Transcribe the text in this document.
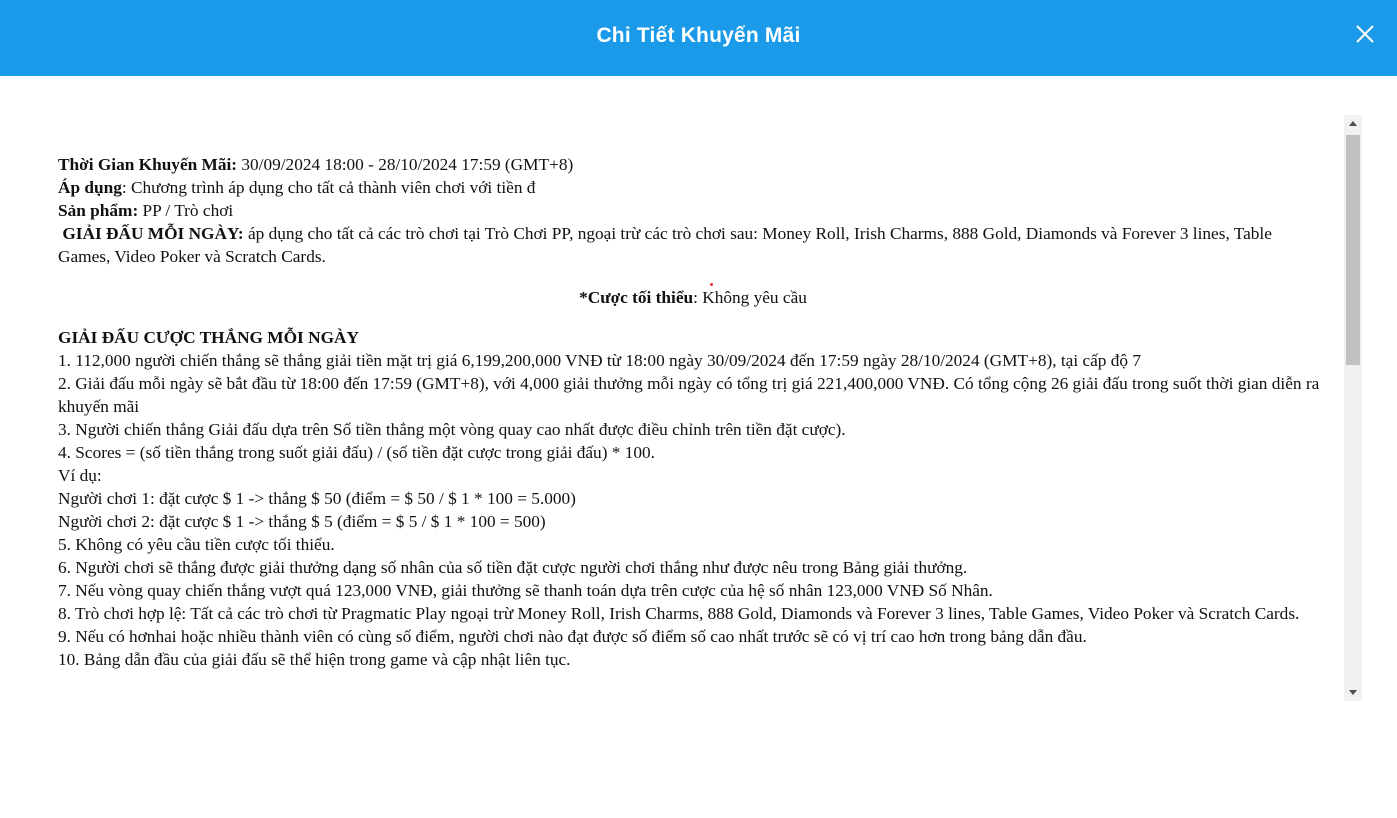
Chi Tiết Khuyến Mãi

Thời Gian Khuyến Mãi: 30/09/2024 18:00 - 28/10/2024 17:59 (GMT+8)

Áp dụng: Chương trình áp dụng cho tất cả thành viên chơi với tiền đ

Sản phẩm: PP / Trò chơi

GIẢI ĐẤU MỖI NGÀY: áp dụng cho tất cả các trò chơi tại Trò Chơi PP, ngoại trừ các trò chơi sau: Money Roll, Irish Charms, 888 Gold, Diamonds và Forever 3 lines, Table Games, Video Poker và Scratch Cards.

*Cược tối thiểu: Không yêu cầu

GIẢI ĐẤU CƯỢC THẮNG MỖI NGÀY

1. 112,000 người chiến thắng sẽ thắng giải tiền mặt trị giá 6,199,200,000 VNĐ từ 18:00 ngày 30/09/2024 đến 17:59 ngày 28/10/2024 (GMT+8), tại cấp độ 7

2. Giải đấu mỗi ngày sẽ bắt đầu từ 18:00 đến 17:59 (GMT+8), với 4,000 giải thưởng mỗi ngày có tổng trị giá 221,400,000 VNĐ. Có tổng cộng 26 giải đấu trong suốt thời gian diễn ra khuyến mãi

3. Người chiến thắng Giải đấu dựa trên Số tiền thắng một vòng quay cao nhất được điều chỉnh trên tiền đặt cược).

4. Scores = (số tiền thắng trong suốt giải đấu) / (số tiền đặt cược trong giải đấu) * 100.

Ví dụ:

Người chơi 1: đặt cược $ 1 -> thắng $ 50 (điểm = $ 50 / $ 1 * 100 = 5.000)

Người chơi 2: đặt cược $ 1 -> thắng $ 5 (điểm = $ 5 / $ 1 * 100 = 500)

5. Không có yêu cầu tiền cược tối thiểu.

6. Người chơi sẽ thắng được giải thưởng dạng số nhân của số tiền đặt cược người chơi thắng như được nêu trong Bảng giải thưởng.

7. Nếu vòng quay chiến thắng vượt quá 123,000 VNĐ, giải thưởng sẽ thanh toán dựa trên cược của hệ số nhân 123,000 VNĐ Số Nhân.

8. Trò chơi hợp lệ: Tất cả các trò chơi từ Pragmatic Play ngoại trừ Money Roll, Irish Charms, 888 Gold, Diamonds và Forever 3 lines, Table Games, Video Poker và Scratch Cards.

9. Nếu có hơnhai hoặc nhiều thành viên có cùng số điểm, người chơi nào đạt được số điểm số cao nhất trước sẽ có vị trí cao hơn trong bảng dẫn đầu.

10. Bảng dẫn đầu của giải đấu sẽ thể hiện trong game và cập nhật liên tục.
